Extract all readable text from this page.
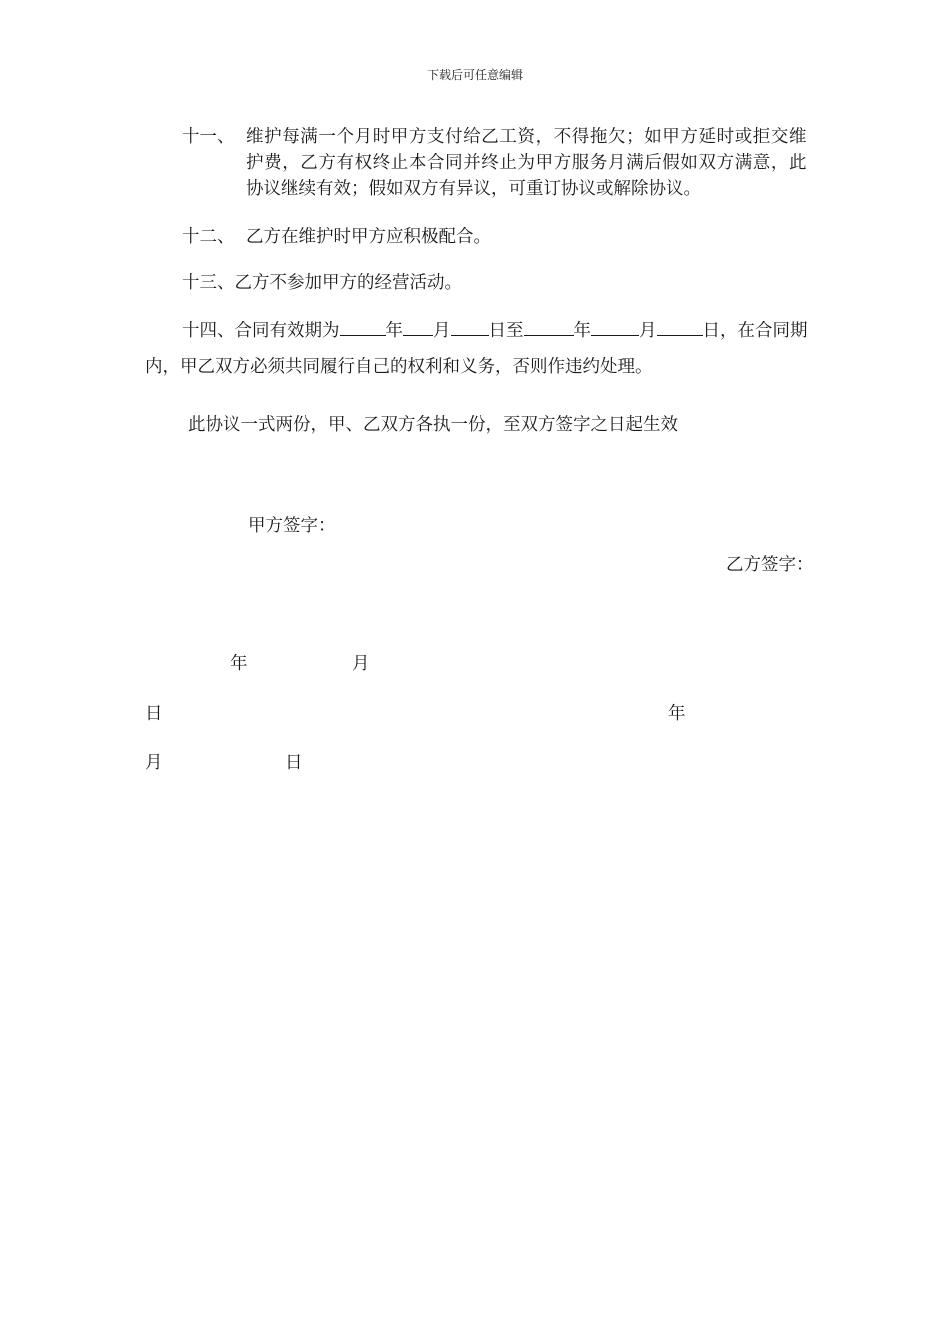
下载后可任意编辑
十一、 维护每满一个月时甲方支付给乙工资，不得拖欠；如甲方延时或拒交维
护费，乙方有权终止本合同并终止为甲方服务月满后假如双方满意，此
协议继续有效；假如双方有异议，可重订协议或解除协议。
十二、 乙方在维护时甲方应积极配合。
十三、乙方不参加甲方的经营活动。
十四、合同有效期为	年 月 日至	年	月	日，在合同期
内，甲乙双方必须共同履行自己的权利和义务，否则作违约处理。
此协议一式两份，甲、乙双方各执一份，至双方签字之日起生效
甲方签字：
乙方签字：
年	月
日	年
月	日
